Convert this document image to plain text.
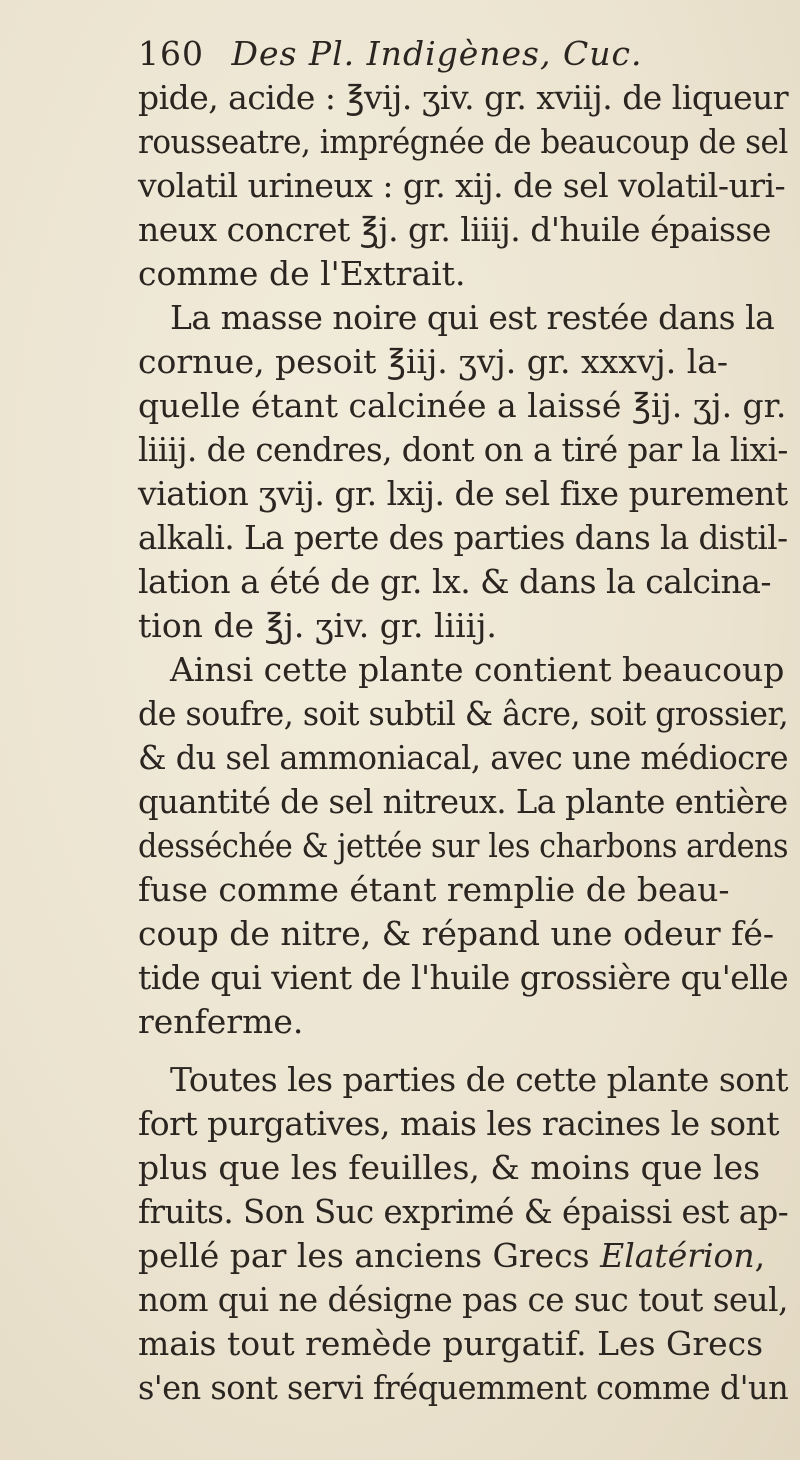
160 Des Pl. Indigènes, Cuc.
pide, acide : ℥vij. ʒiv. gr. xviij. de liqueur
rousseatre, imprégnée de beaucoup de sel
volatil urineux : gr. xij. de sel volatil-uri-
neux concret ℥j. gr. liiij. d'huile épaisse
comme de l'Extrait.
La masse noire qui est restée dans la
cornue, pesoit ℥iij. ʒvj. gr. xxxvj. la-
quelle étant calcinée a laissé ℥ij. ʒj. gr.
liiij. de cendres, dont on a tiré par la lixi-
viation ʒvij. gr. lxij. de sel fixe purement
alkali. La perte des parties dans la distil-
lation a été de gr. lx. & dans la calcina-
tion de ℥j. ʒiv. gr. liiij.
Ainsi cette plante contient beaucoup
de soufre, soit subtil & âcre, soit grossier,
& du sel ammoniacal, avec une médiocre
quantité de sel nitreux. La plante entière
desséchée & jettée sur les charbons ardens
fuse comme étant remplie de beau-
coup de nitre, & répand une odeur fé-
tide qui vient de l'huile grossière qu'elle
renferme.
Toutes les parties de cette plante sont
fort purgatives, mais les racines le sont
plus que les feuilles, & moins que les
fruits. Son Suc exprimé & épaissi est ap-
pellé par les anciens Grecs Elatérion,
nom qui ne désigne pas ce suc tout seul,
mais tout remède purgatif. Les Grecs
s'en sont servi fréquemment comme d'un
